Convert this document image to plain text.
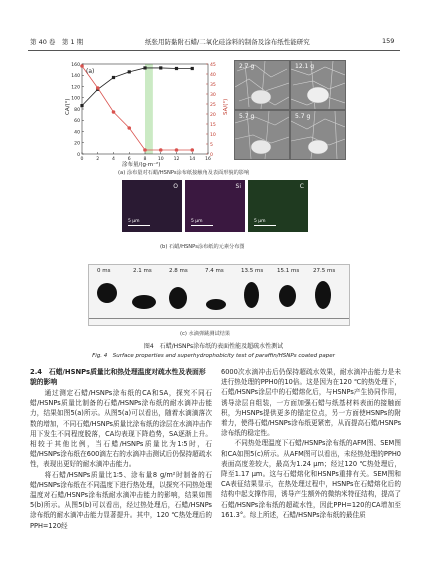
第 40 卷　第 1 期	纸张用防黏附石蜡/二氧化硅涂料的制备及涂布纸性能研究	159
0
20
40
60
80
100
120
140
160
0
5
10
15
20
25
30
35
40
45
0	2	4	6	8 10 12 14 16
(a)
CA/(°)	SA/(°)
涂布量/(g·m⁻²)
2.7 g	12.1 g
5.7 g	5.7 g
(a) 涂布量对石蜡/HSNPs涂布纸接触角及表面形貌的影响
O
5 μm
Si
5 μm
C
5 μm
(b) 石蜡/HSNPs涂布纸的元素分布图
0 ms	2.1 ms	2.8 ms	7.4 ms	13.5 ms	15.1 ms	27.5 ms
(c) 水滴弹跳测试结果
图4　石蜡/HSNPs涂布纸的表面性能及超疏水性测试
Fig. 4　Surface properties and superhydrophobicity test of paraffin/HSNPs coated paper
2.4　石蜡/HSNPs质量比和热处理温度对疏水性及表面形貌的影响

　　通过测定石蜡/HSNPs涂布纸的CA和SA，探究不同石蜡/HSNPs质量比制备的石蜡/HSNPs涂布纸的耐水滴冲击能力，结果如图5(a)所示。从图5(a)可以看出，随着水滴滴落次数的增加，不同石蜡/HSNPs质量比涂布纸的涂层在水滴冲击作用下发生不同程度脱落，CA均表现下降趋势，SA逐渐上升。相较于其他比例，当石蜡/HSNPs质量比为1∶5时，石蜡/HSNPs涂布纸在600滴左右的水滴冲击测试后仍保持超疏水性，表现出更好的耐水滴冲击能力。

　　将石蜡/HSNPs质量比1∶5、涂布量8 g/m²时制备的石蜡/HSNPs涂布纸在不同温度下进行热处理，以探究不同热处理温度对石蜡/HSNPs涂布纸耐水滴冲击能力的影响，结果如图5(b)所示。从图5(b)可以看出，经过热处理后，石蜡/HSNPs涂布纸的耐水滴冲击能力显著提升。其中，120 ℃热处理后的PPH=120经

6000次水滴冲击后仍保持超疏水效果，耐水滴冲击能力是未进行热处理的PPH0的10倍。这是因为在120 ℃的热处理下，石蜡/HSNPs涂层中的石蜡熔化后，与HSNPs产生协同作用，诱导涂层自组装，一方面加强石蜡与纸基材料表面的接触面积，为HSNPs提供更多的锚定位点，另一方面使HSNPs的附着力，使得石蜡/HSNPs涂布纸更紧密，从而提高石蜡/HSNPs涂布纸的稳定性。

　　不同热处理温度下石蜡/HSNPs涂布纸的AFM图、SEM图和CA如图5(c)所示。从AFM图可以看出，未经热处理的PPH0表面高度差较大，最高为1.24 μm；经过120 ℃热处理后，降至1.17 μm。这与石蜡熔化和HSNPs重排有关。SEM图和CA表征结果显示，在热处理过程中，HSNPs在石蜡熔化后的结构中起支撑作用，诱导产生额外的微纳米特征结构，提高了石蜡/HSNPs涂布纸的超疏水性，因此PPH=120的CA增加至161.3°。综上所述，石蜡/HSNPs涂布纸的最佳质
